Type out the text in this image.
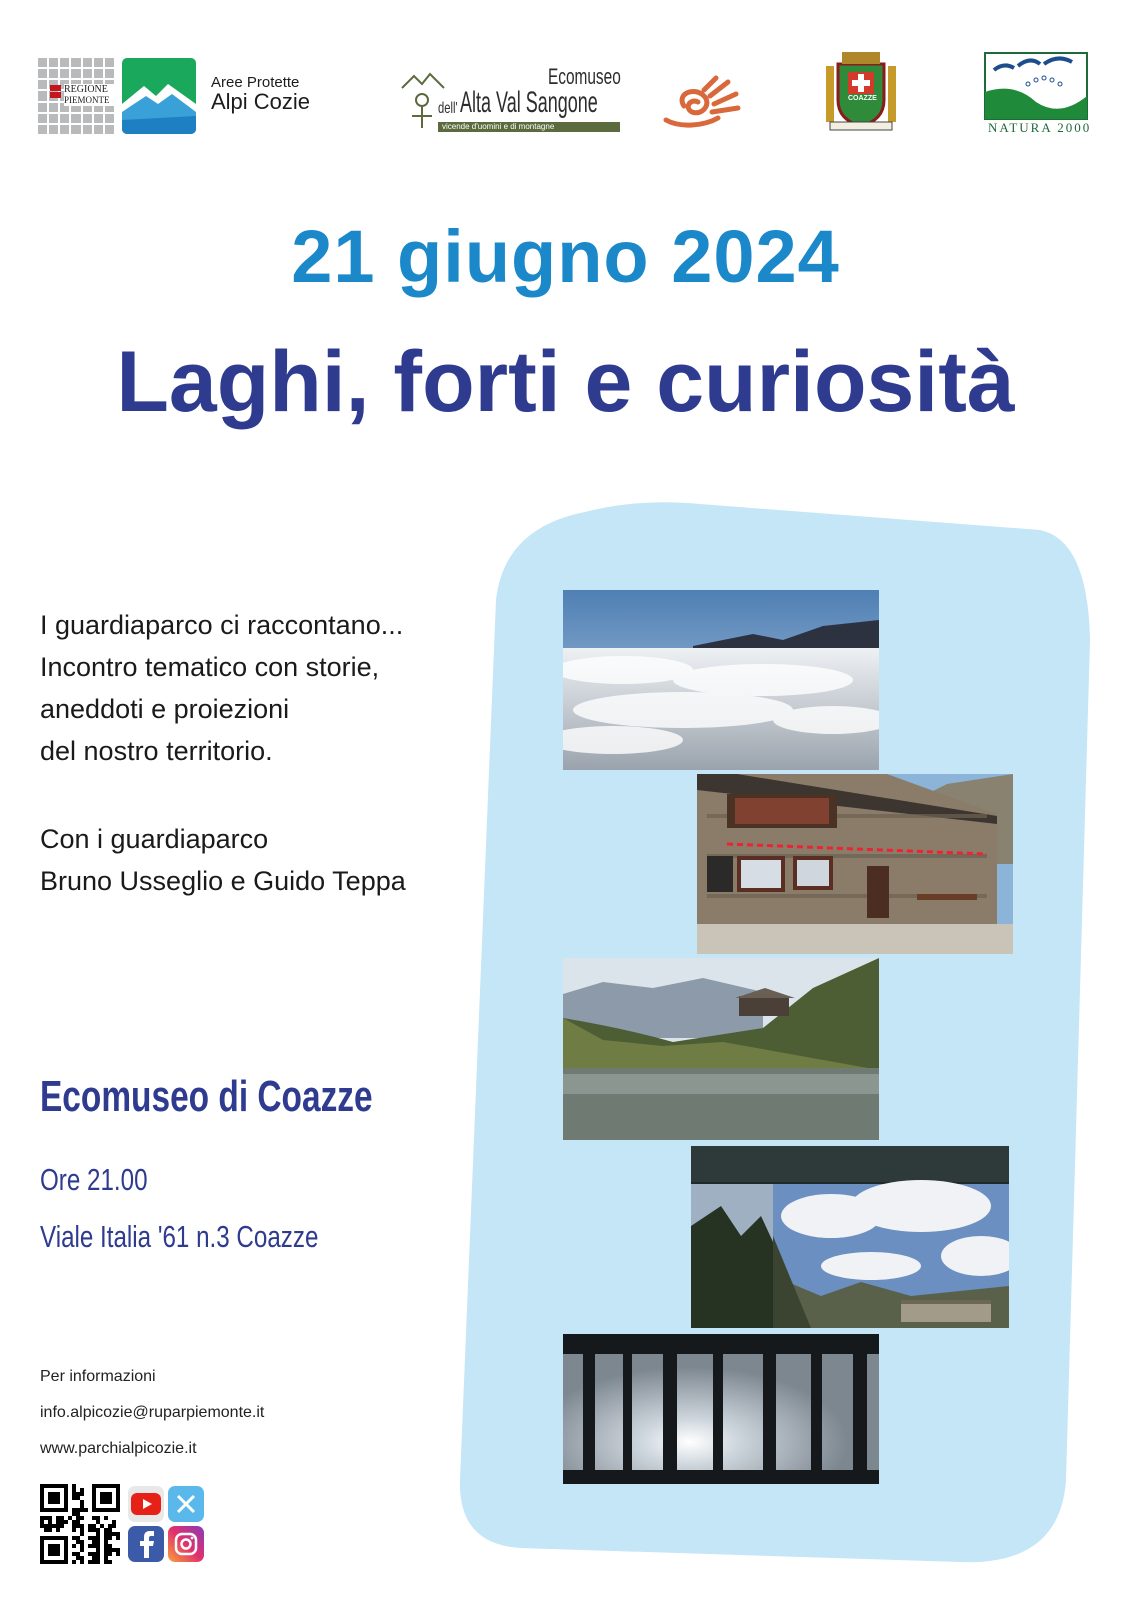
REGIONE
PIEMONTE
Aree Protette
Alpi Cozie
Ecomuseo
dell' Alta Val Sangone
vicende d'uomini e di montagne
COAZZE
NATURA 2000
21 giugno 2024
Laghi, forti e curiosità

I guardiaparco ci raccontano...

Incontro tematico con storie,

aneddoti e proiezioni

del nostro territorio.

Con i guardiaparco

Bruno Usseglio e Guido Teppa

Ecomuseo di Coazze
Ore 21.00
Viale Italia '61 n.3 Coazze
Per informazioni
info.alpicozie@ruparpiemonte.it
www.parchialpicozie.it
